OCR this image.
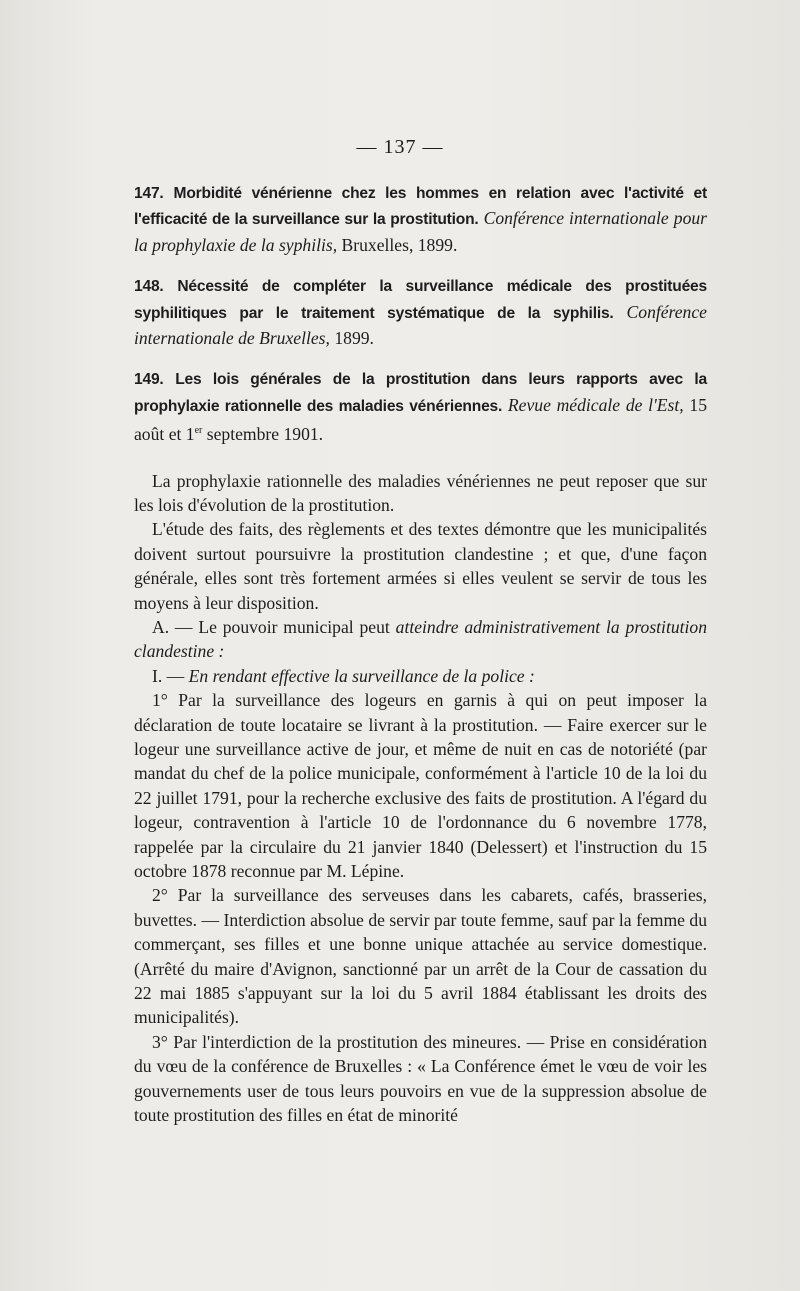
— 137 —
147. Morbidité vénérienne chez les hommes en relation avec l'activité et l'efficacité de la surveillance sur la prostitution. Conférence internationale pour la prophylaxie de la syphilis, Bruxelles, 1899.
148. Nécessité de compléter la surveillance médicale des prostituées syphilitiques par le traitement systématique de la syphilis. Conférence internationale de Bruxelles, 1899.
149. Les lois générales de la prostitution dans leurs rapports avec la prophylaxie rationnelle des maladies vénériennes. Revue médicale de l'Est, 15 août et 1er septembre 1901.

La prophylaxie rationnelle des maladies vénériennes ne peut reposer que sur les lois d'évolution de la prostitution.

L'étude des faits, des règlements et des textes démontre que les municipalités doivent surtout poursuivre la prostitution clandestine ; et que, d'une façon générale, elles sont très fortement armées si elles veulent se servir de tous les moyens à leur disposition.

A. — Le pouvoir municipal peut atteindre administrativement la prostitution clandestine :

I. — En rendant effective la surveillance de la police :

1° Par la surveillance des logeurs en garnis à qui on peut imposer la déclaration de toute locataire se livrant à la prostitution. — Faire exercer sur le logeur une surveillance active de jour, et même de nuit en cas de notoriété (par mandat du chef de la police municipale, conformément à l'article 10 de la loi du 22 juillet 1791, pour la recherche exclusive des faits de prostitution. A l'égard du logeur, contravention à l'article 10 de l'ordonnance du 6 novembre 1778, rappelée par la circulaire du 21 janvier 1840 (Delessert) et l'instruction du 15 octobre 1878 reconnue par M. Lépine.

2° Par la surveillance des serveuses dans les cabarets, cafés, brasseries, buvettes. — Interdiction absolue de servir par toute femme, sauf par la femme du commerçant, ses filles et une bonne unique attachée au service domestique. (Arrêté du maire d'Avignon, sanctionné par un arrêt de la Cour de cassation du 22 mai 1885 s'appuyant sur la loi du 5 avril 1884 établissant les droits des municipalités).

3° Par l'interdiction de la prostitution des mineures. — Prise en considération du vœu de la conférence de Bruxelles : « La Conférence émet le vœu de voir les gouvernements user de tous leurs pouvoirs en vue de la suppression absolue de toute prostitution des filles en état de minorité
